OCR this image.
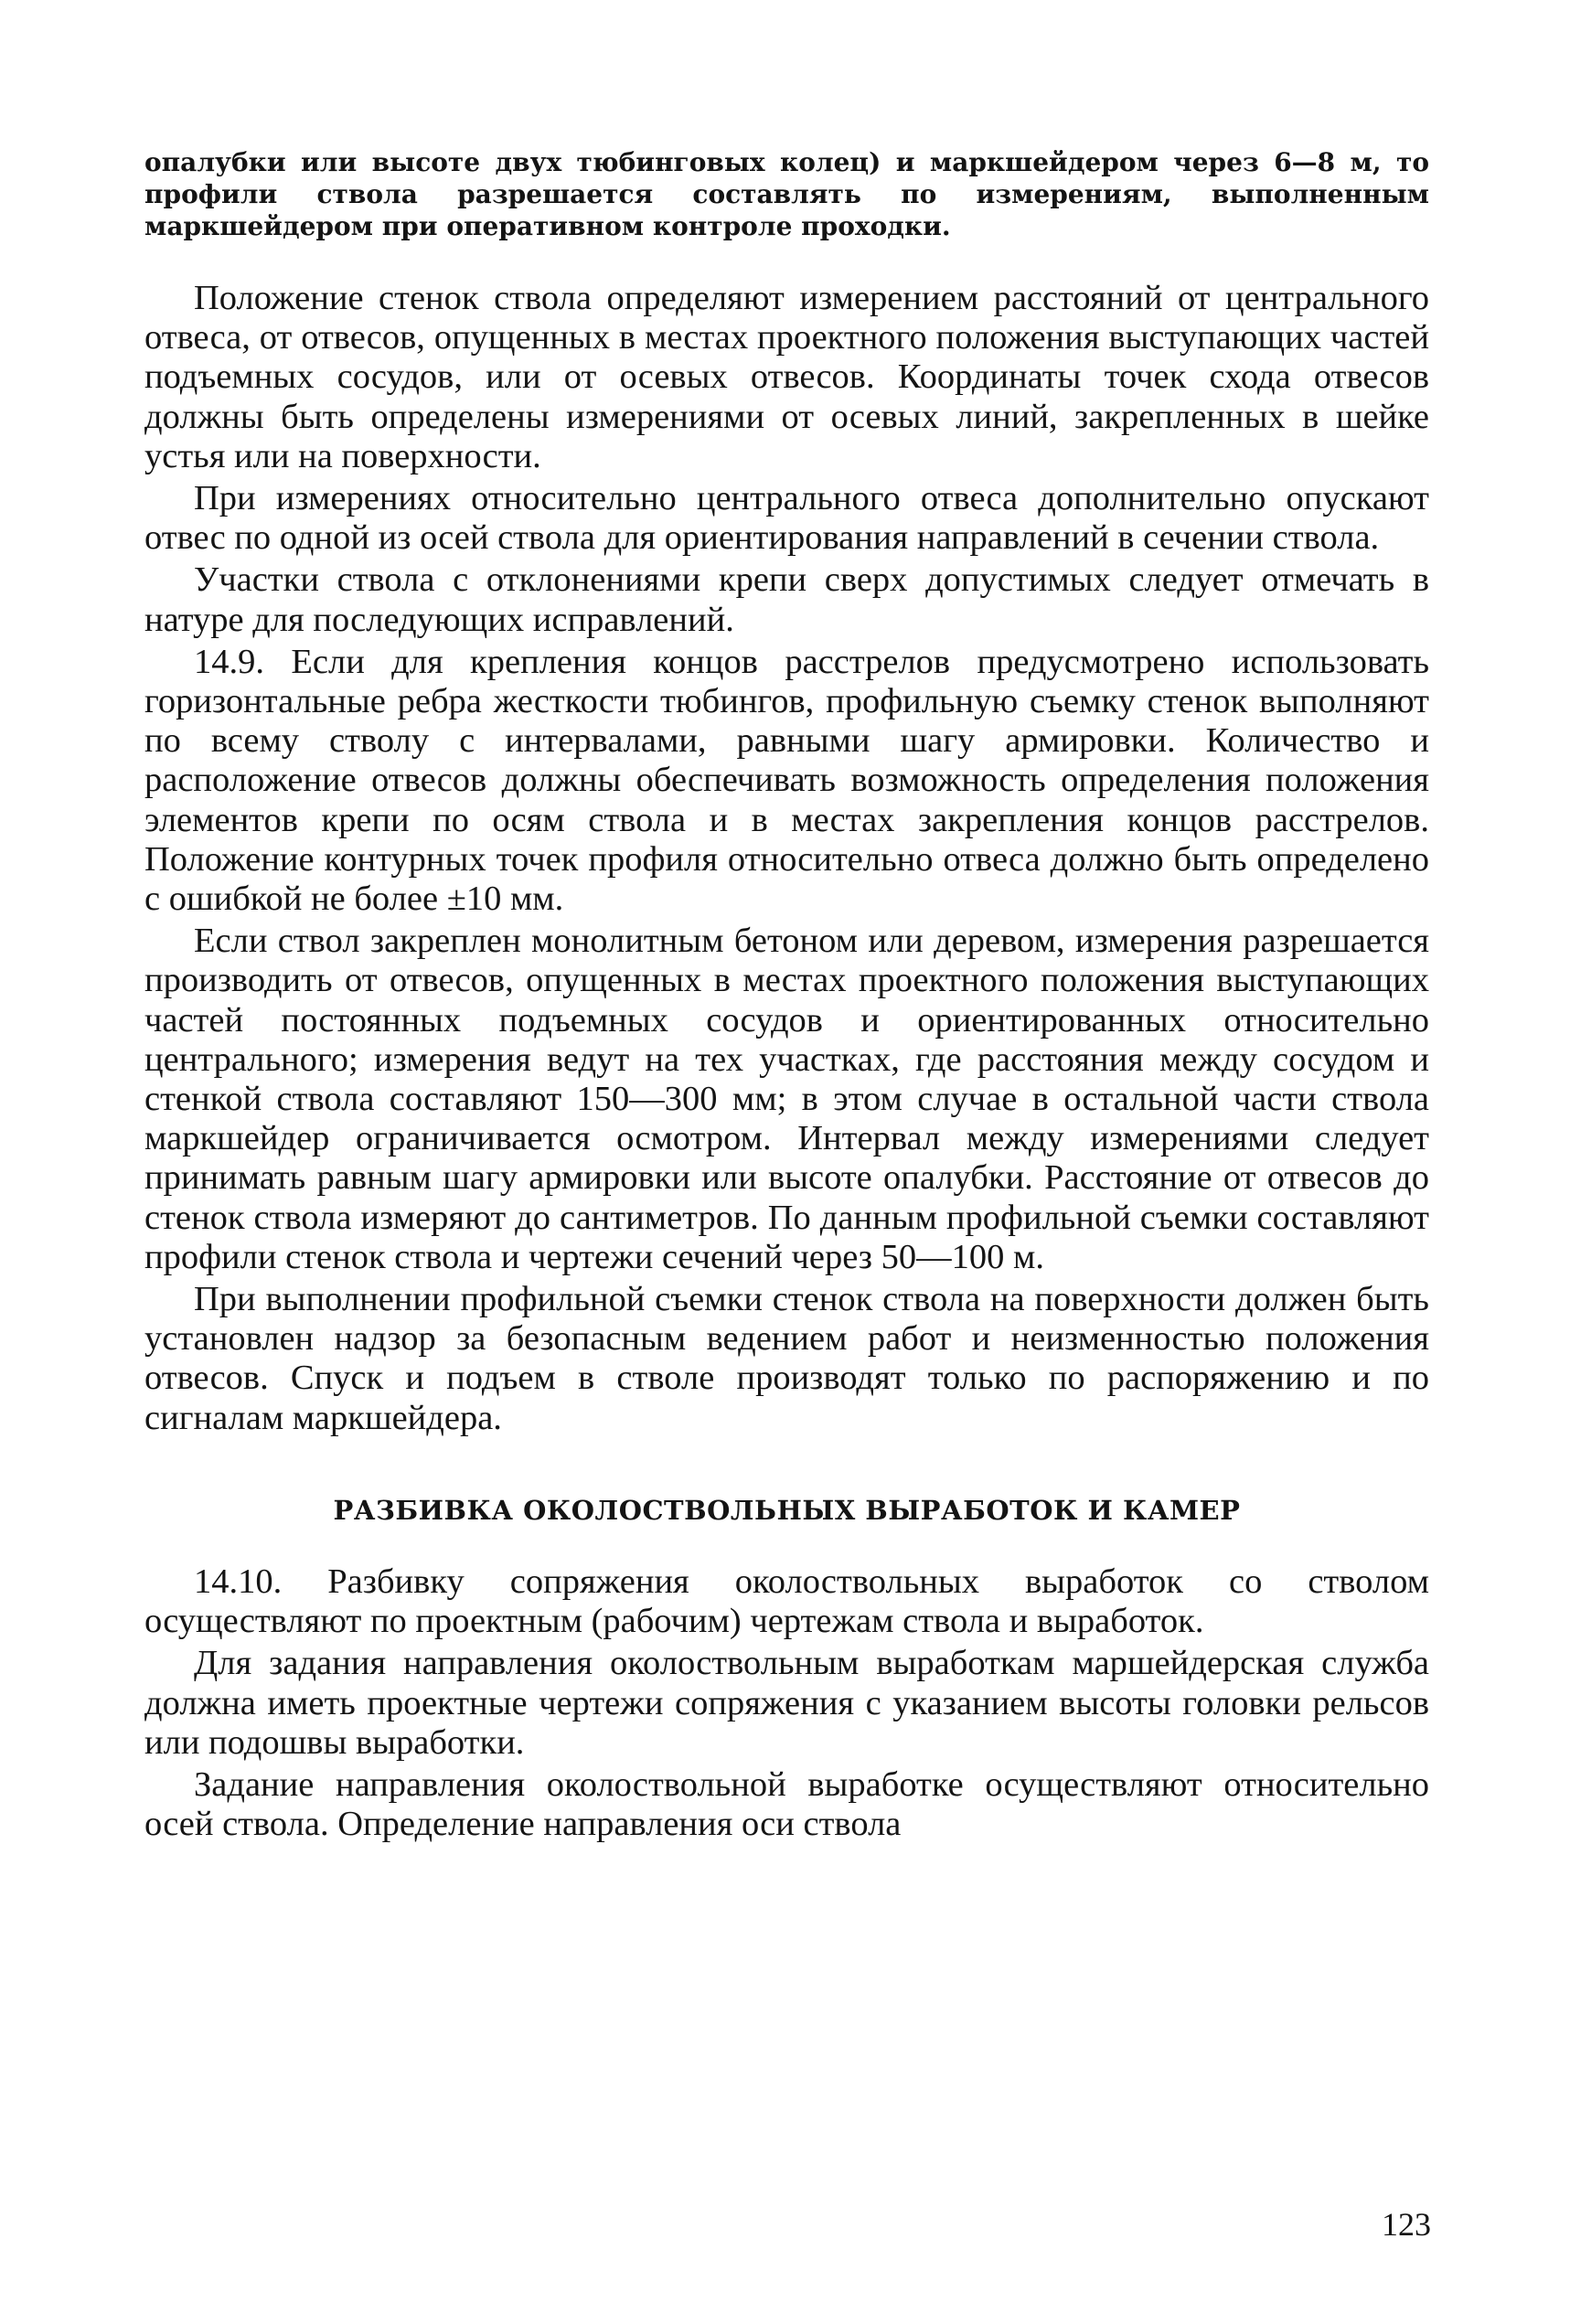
опалубки или высоте двух тюбинговых колец) и маркшейдером через 6—8 м, то профили ствола разрешается составлять по измерениям, выполненным маркшейдером при оперативном контроле проходки.

Положение стенок ствола определяют измерением расстояний от центрального отвеса, от отвесов, опущенных в местах проектного положения выступающих частей подъемных сосудов, или от осевых отвесов. Координаты точек схода отвесов должны быть определены измерениями от осевых линий, закрепленных в шейке устья или на поверхности.

При измерениях относительно центрального отвеса дополнительно опускают отвес по одной из осей ствола для ориентирования направлений в сечении ствола.

Участки ствола с отклонениями крепи сверх допустимых следует отмечать в натуре для последующих исправлений.

14.9. Если для крепления концов расстрелов предусмотрено использовать горизонтальные ребра жесткости тюбингов, профильную съемку стенок выполняют по всему стволу с интервалами, равными шагу армировки. Количество и расположение отвесов должны обеспечивать возможность определения положения элементов крепи по осям ствола и в местах закрепления концов расстрелов. Положение контурных точек профиля относительно отвеса должно быть определено с ошибкой не более ±10 мм.

Если ствол закреплен монолитным бетоном или деревом, измерения разрешается производить от отвесов, опущенных в местах проектного положения выступающих частей постоянных подъемных сосудов и ориентированных относительно центрального; измерения ведут на тех участках, где расстояния между сосудом и стенкой ствола составляют 150—300 мм; в этом случае в остальной части ствола маркшейдер ограничивается осмотром. Интервал между измерениями следует принимать равным шагу армировки или высоте опалубки. Расстояние от отвесов до стенок ствола измеряют до сантиметров. По данным профильной съемки составляют профили стенок ствола и чертежи сечений через 50—100 м.

При выполнении профильной съемки стенок ствола на поверхности должен быть установлен надзор за безопасным ведением работ и неизменностью положения отвесов. Спуск и подъем в стволе производят только по распоряжению и по сигналам маркшейдера.

РАЗБИВКА ОКОЛОСТВОЛЬНЫХ ВЫРАБОТОК И КАМЕР

14.10. Разбивку сопряжения околоствольных выработок со стволом осуществляют по проектным (рабочим) чертежам ствола и выработок.

Для задания направления околоствольным выработкам маршейдерская служба должна иметь проектные чертежи сопряжения с указанием высоты головки рельсов или подошвы выработки.

Задание направления околоствольной выработке осуществляют относительно осей ствола. Определение направления оси ствола

123
